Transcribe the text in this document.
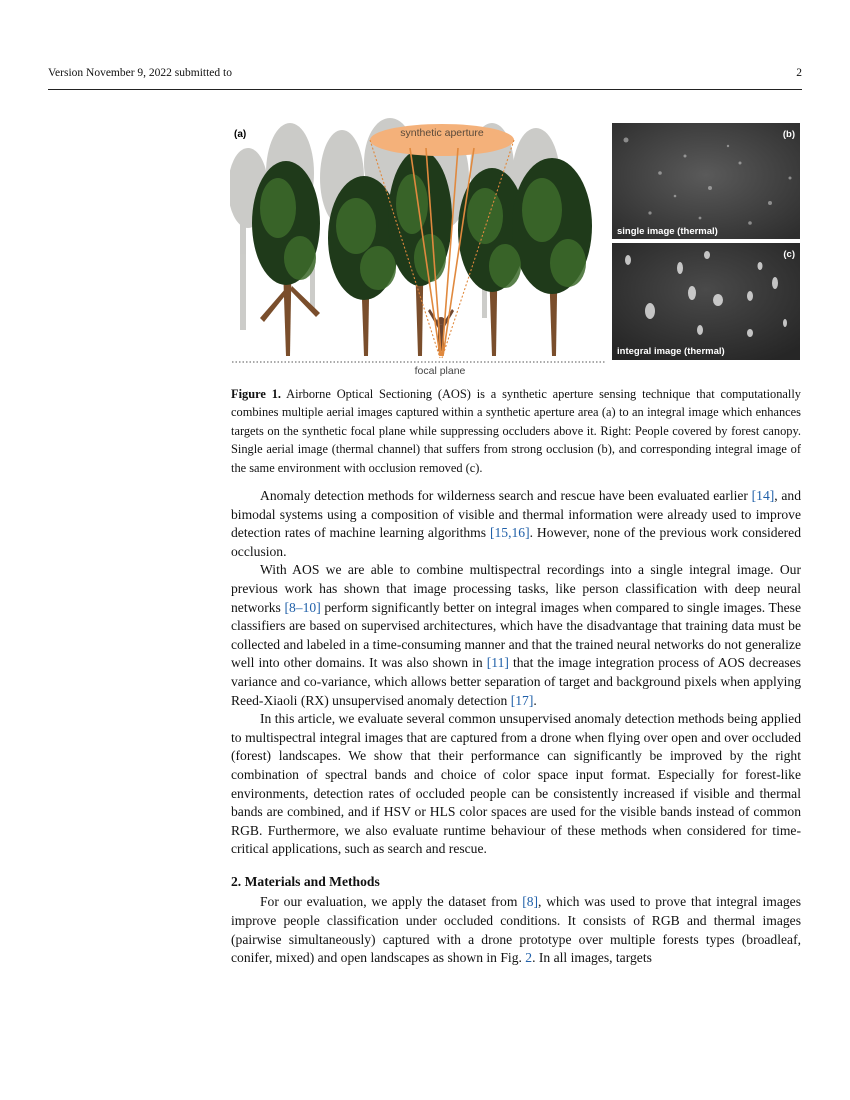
Version November 9, 2022 submitted to	2
synthetic aperture
focal plane
(a)	(b)
single image (thermal)
(c)
integral image (thermal)
Figure 1. Airborne Optical Sectioning (AOS) is a synthetic aperture sensing technique that computationally combines multiple aerial images captured within a synthetic aperture area (a) to an integral image which enhances targets on the synthetic focal plane while suppressing occluders above it. Right: People covered by forest canopy. Single aerial image (thermal channel) that suffers from strong occlusion (b), and corresponding integral image of the same environment with occlusion removed (c).

Anomaly detection methods for wilderness search and rescue have been evaluated earlier [14], and bimodal systems using a composition of visible and thermal information were already used to improve detection rates of machine learning algorithms [15,16]. However, none of the previous work considered occlusion.

With AOS we are able to combine multispectral recordings into a single integral image. Our previous work has shown that image processing tasks, like person classification with deep neural networks [8–10] perform significantly better on integral images when compared to single images. These classifiers are based on supervised architectures, which have the disadvantage that training data must be collected and labeled in a time-consuming manner and that the trained neural networks do not generalize well into other domains. It was also shown in [11] that the image integration process of AOS decreases variance and co-variance, which allows better separation of target and background pixels when applying Reed-Xiaoli (RX) unsupervised anomaly detection [17].

In this article, we evaluate several common unsupervised anomaly detection methods being applied to multispectral integral images that are captured from a drone when flying over open and over occluded (forest) landscapes. We show that their performance can significantly be improved by the right combination of spectral bands and choice of color space input format. Especially for forest-like environments, detection rates of occluded people can be consistently increased if visible and thermal bands are combined, and if HSV or HLS color spaces are used for the visible bands instead of common RGB. Furthermore, we also evaluate runtime behaviour of these methods when considered for time-critical applications, such as search and rescue.

2. Materials and Methods

For our evaluation, we apply the dataset from [8], which was used to prove that integral images improve people classification under occluded conditions. It consists of RGB and thermal images (pairwise simultaneously) captured with a drone prototype over multiple forests types (broadleaf, conifer, mixed) and open landscapes as shown in Fig. 2. In all images, targets
